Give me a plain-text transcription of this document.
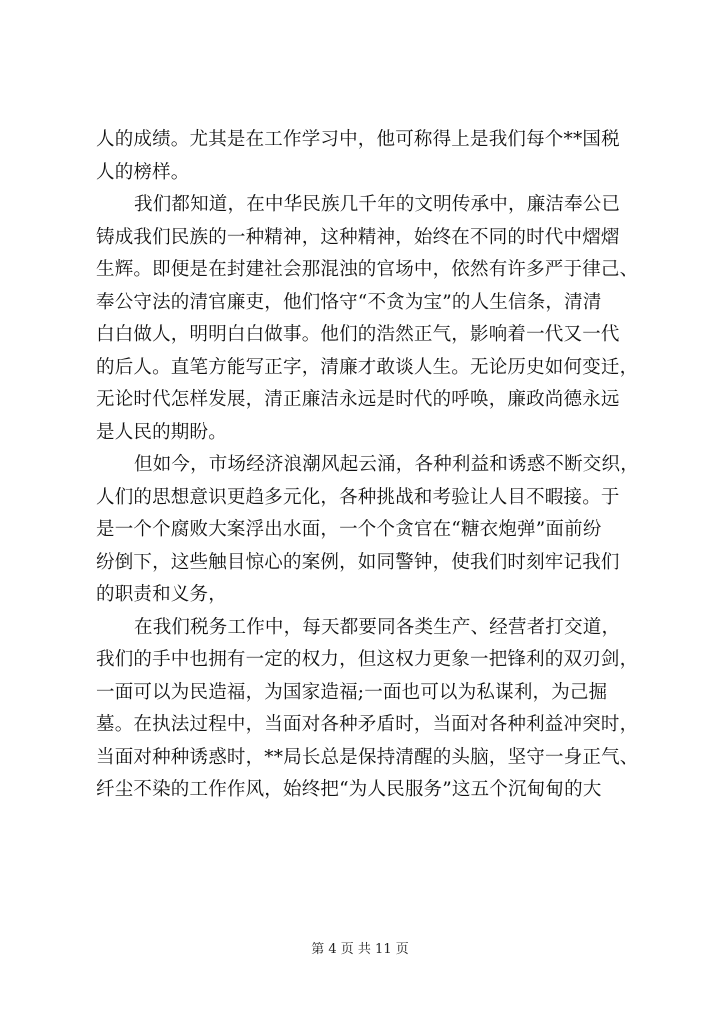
人的成绩。尤其是在工作学习中，他可称得上是我们每个**国税
人的榜样。
我们都知道，在中华民族几千年的文明传承中，廉洁奉公已
铸成我们民族的一种精神，这种精神，始终在不同的时代中熠熠
生辉。即便是在封建社会那混浊的官场中，依然有许多严于律己、
奉公守法的清官廉吏，他们恪守“不贪为宝”的人生信条，清清
白白做人，明明白白做事。他们的浩然正气，影响着一代又一代
的后人。直笔方能写正字，清廉才敢谈人生。无论历史如何变迁，
无论时代怎样发展，清正廉洁永远是时代的呼唤，廉政尚德永远
是人民的期盼。
但如今，市场经济浪潮风起云涌，各种利益和诱惑不断交织，
人们的思想意识更趋多元化，各种挑战和考验让人目不暇接。于
是一个个腐败大案浮出水面，一个个贪官在“糖衣炮弹”面前纷
纷倒下，这些触目惊心的案例，如同警钟，使我们时刻牢记我们
的职责和义务，
在我们税务工作中，每天都要同各类生产、经营者打交道，
我们的手中也拥有一定的权力，但这权力更象一把锋利的双刃剑，
一面可以为民造福，为国家造福;一面也可以为私谋利，为己掘
墓。在执法过程中，当面对各种矛盾时，当面对各种利益冲突时，
当面对种种诱惑时，**局长总是保持清醒的头脑，坚守一身正气、
纤尘不染的工作作风，始终把“为人民服务”这五个沉甸甸的大
第 4 页 共 11 页
